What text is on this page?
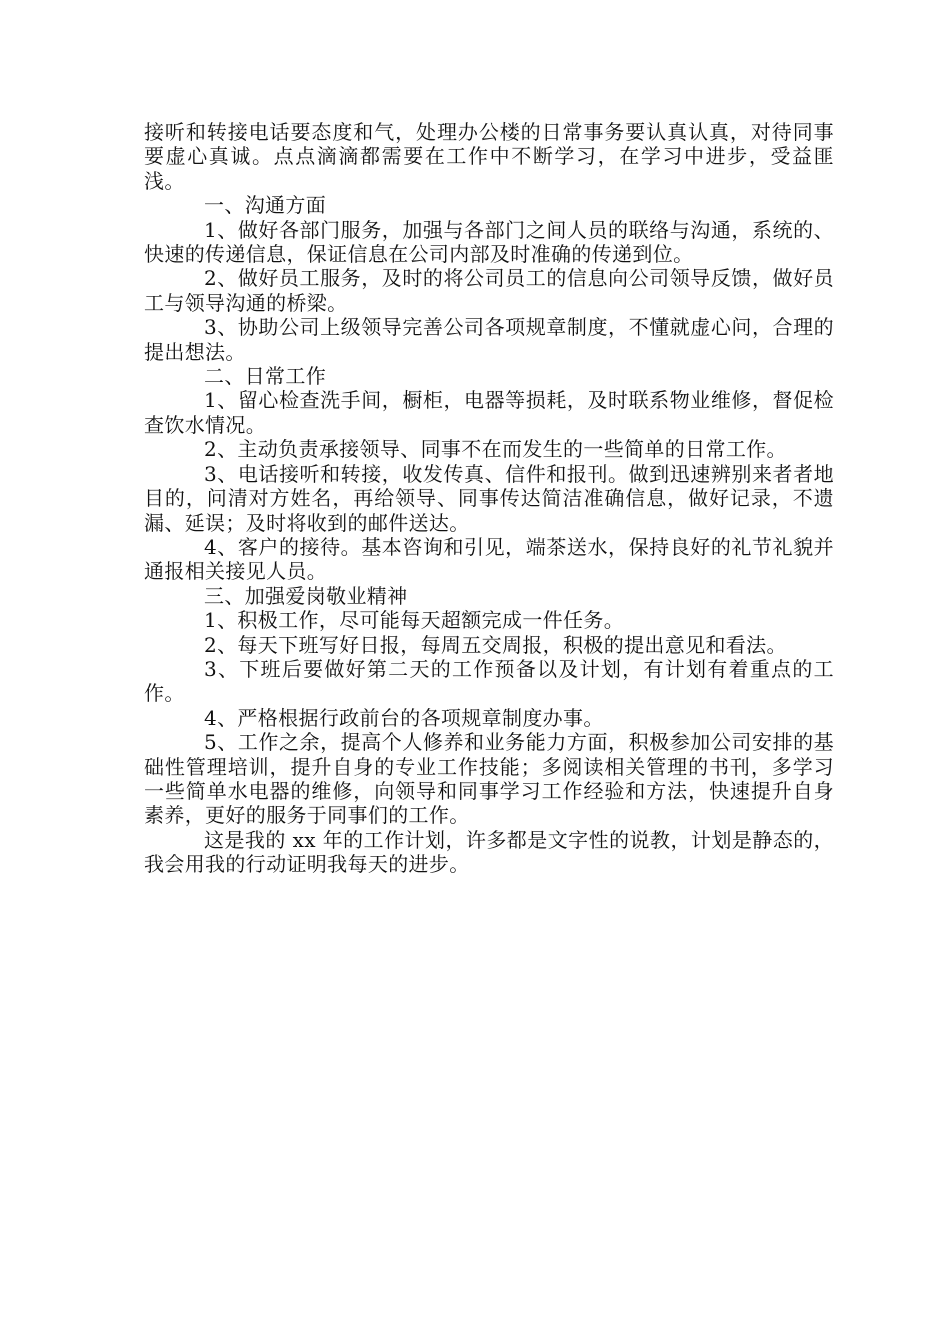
接听和转接电话要态度和气，处理办公楼的日常事务要认真认真，对待同事要虚心真诚。点点滴滴都需要在工作中不断学习，在学习中进步，受益匪浅。

一、沟通方面

1、做好各部门服务，加强与各部门之间人员的联络与沟通，系统的、快速的传递信息，保证信息在公司内部及时准确的传递到位。

2、做好员工服务，及时的将公司员工的信息向公司领导反馈，做好员工与领导沟通的桥梁。

3、协助公司上级领导完善公司各项规章制度，不懂就虚心问，合理的提出想法。

二、日常工作

1、留心检查洗手间，橱柜，电器等损耗，及时联系物业维修，督促检查饮水情况。

2、主动负责承接领导、同事不在而发生的一些简单的日常工作。

3、电话接听和转接，收发传真、信件和报刊。做到迅速辨别来者者地目的，问清对方姓名，再给领导、同事传达简洁准确信息，做好记录，不遗漏、延误；及时将收到的邮件送达。

4、客户的接待。基本咨询和引见，端茶送水，保持良好的礼节礼貌并通报相关接见人员。

三、加强爱岗敬业精神

1、积极工作，尽可能每天超额完成一件任务。

2、每天下班写好日报，每周五交周报，积极的提出意见和看法。

3、下班后要做好第二天的工作预备以及计划，有计划有着重点的工作。

4、严格根据行政前台的各项规章制度办事。

5、工作之余，提高个人修养和业务能力方面，积极参加公司安排的基础性管理培训，提升自身的专业工作技能；多阅读相关管理的书刊，多学习一些简单水电器的维修，向领导和同事学习工作经验和方法，快速提升自身素养，更好的服务于同事们的工作。

这是我的 xx 年的工作计划，许多都是文字性的说教，计划是静态的，我会用我的行动证明我每天的进步。
